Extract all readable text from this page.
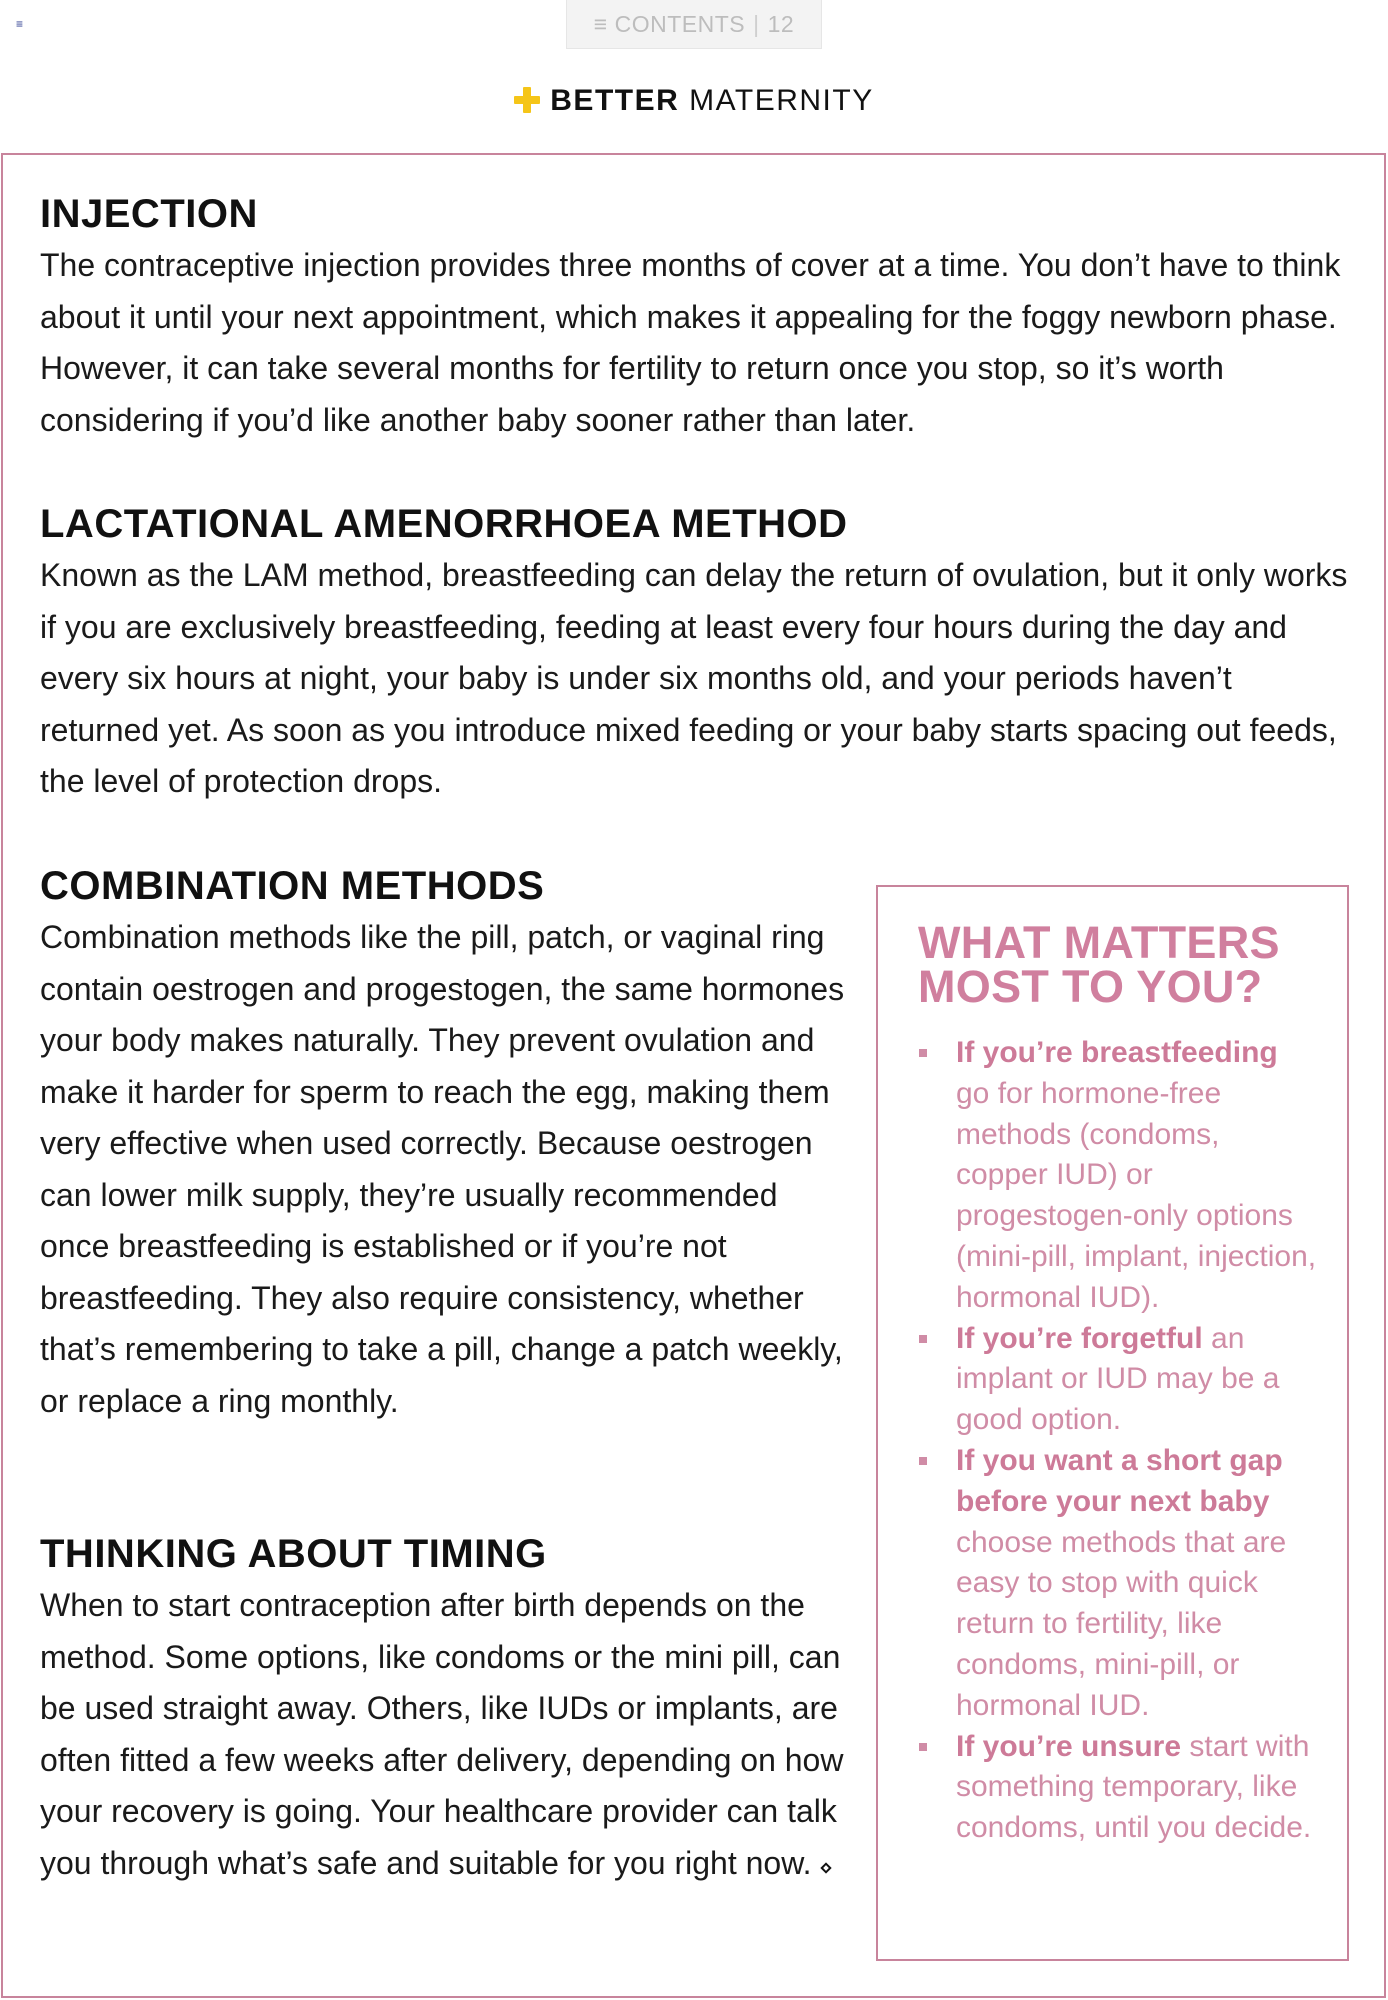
≡	≡ CONTENTS | 12
BETTER MATERNITY
INJECTION

The contraceptive injection provides three months of cover at a time. You don’t have to think about it until your next appointment, which makes it appealing for the foggy newborn phase. However, it can take several months for fertility to return once you stop, so it’s worth considering if you’d like another baby sooner rather than later.

LACTATIONAL AMENORRHOEA METHOD

Known as the LAM method, breastfeeding can delay the return of ovulation, but it only works if you are exclusively breastfeeding, feeding at least every four hours during the day and every six hours at night, your baby is under six months old, and your periods haven’t returned yet. As soon as you introduce mixed feeding or your baby starts spacing out feeds, the level of protection drops.

COMBINATION METHODS

Combination methods like the pill, patch, or vaginal ring contain oestrogen and progestogen, the same hormones your body makes naturally. They prevent ovulation and make it harder for sperm to reach the egg, making them very effective when used correctly. Because oestrogen can lower milk supply, they’re usually recommended once breastfeeding is established or if you’re not breastfeeding. They also require consistency, whether that’s remembering to take a pill, change a patch weekly, or replace a ring monthly.

THINKING ABOUT TIMING

When to start contraception after birth depends on the method. Some options, like condoms or the mini pill, can be used straight away. Others, like IUDs or implants, are often fitted a few weeks after delivery, depending on how your recovery is going. Your healthcare provider can talk you through what’s safe and suitable for you right now.

WHAT MATTERS MOST TO YOU?
If you’re breastfeeding go for hormone-free methods (condoms, copper IUD) or progestogen-only options (mini-pill, implant, injection, hormonal IUD).
If you’re forgetful an implant or IUD may be a good option.
If you want a short gap before your next baby choose methods that are easy to stop with quick return to fertility, like condoms, mini-pill, or hormonal IUD.
If you’re unsure start with something temporary, like condoms, until you decide.
